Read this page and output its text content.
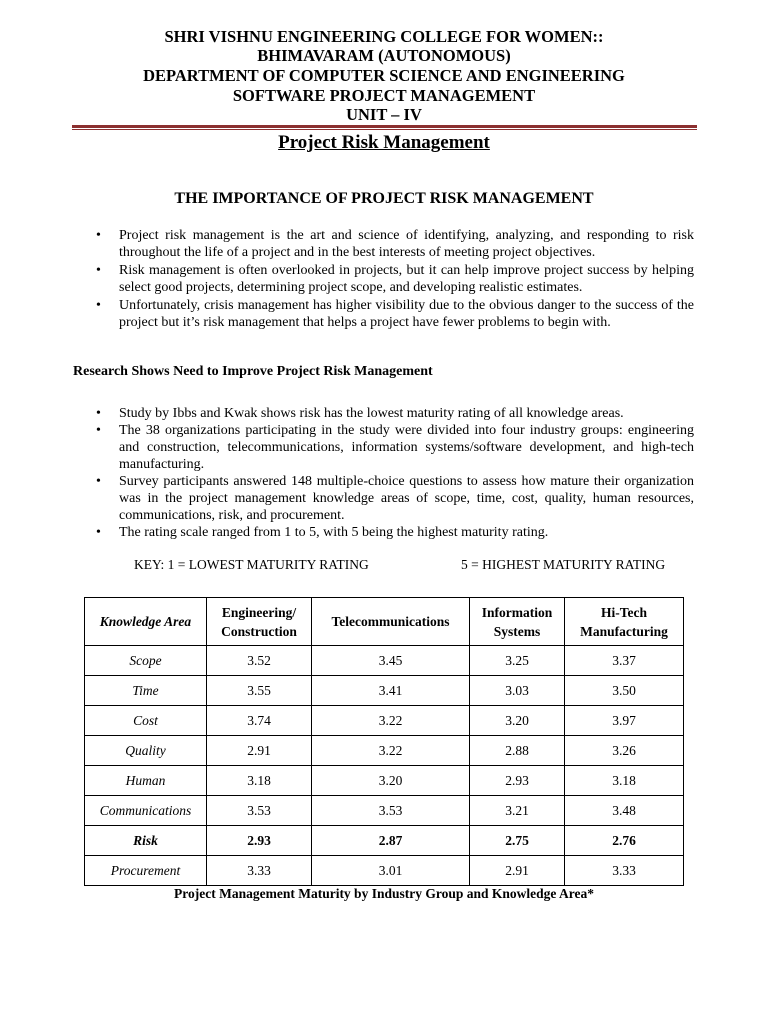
SHRI VISHNU ENGINEERING COLLEGE FOR WOMEN::
BHIMAVARAM (AUTONOMOUS)
DEPARTMENT OF COMPUTER SCIENCE AND ENGINEERING
SOFTWARE PROJECT MANAGEMENT
UNIT – IV
Project Risk Management
THE IMPORTANCE OF PROJECT RISK MANAGEMENT
• Project risk management is the art and science of identifying, analyzing, and responding to risk throughout the life of a project and in the best interests of meeting project objectives.
• Risk management is often overlooked in projects, but it can help improve project success by helping select good projects, determining project scope, and developing realistic estimates.
• Unfortunately, crisis management has higher visibility due to the obvious danger to the success of the project but it’s risk management that helps a project have fewer problems to begin with.
Research Shows Need to Improve Project Risk Management
• Study by Ibbs and Kwak shows risk has the lowest maturity rating of all knowledge areas.
• The 38 organizations participating in the study were divided into four industry groups: engineering and construction, telecommunications, information systems/software development, and high-tech manufacturing.
• Survey participants answered 148 multiple-choice questions to assess how mature their organization was in the project management knowledge areas of scope, time, cost, quality, human resources, communications, risk, and procurement.
• The rating scale ranged from 1 to 5, with 5 being the highest maturity rating.
KEY: 1 = LOWEST MATURITY RATING	5 = HIGHEST MATURITY RATING
Knowledge Area	Engineering/ Construction	Telecommunications	Information Systems	Hi-Tech Manufacturing
Scope	3.52	3.45	3.25	3.37
Time	3.55	3.41	3.03	3.50
Cost	3.74	3.22	3.20	3.97
Quality	2.91	3.22	2.88	3.26
Human	3.18	3.20	2.93	3.18
Communications	3.53	3.53	3.21	3.48
Risk	2.93	2.87	2.75	2.76
Procurement	3.33	3.01	2.91	3.33
Project Management Maturity by Industry Group and Knowledge Area*
